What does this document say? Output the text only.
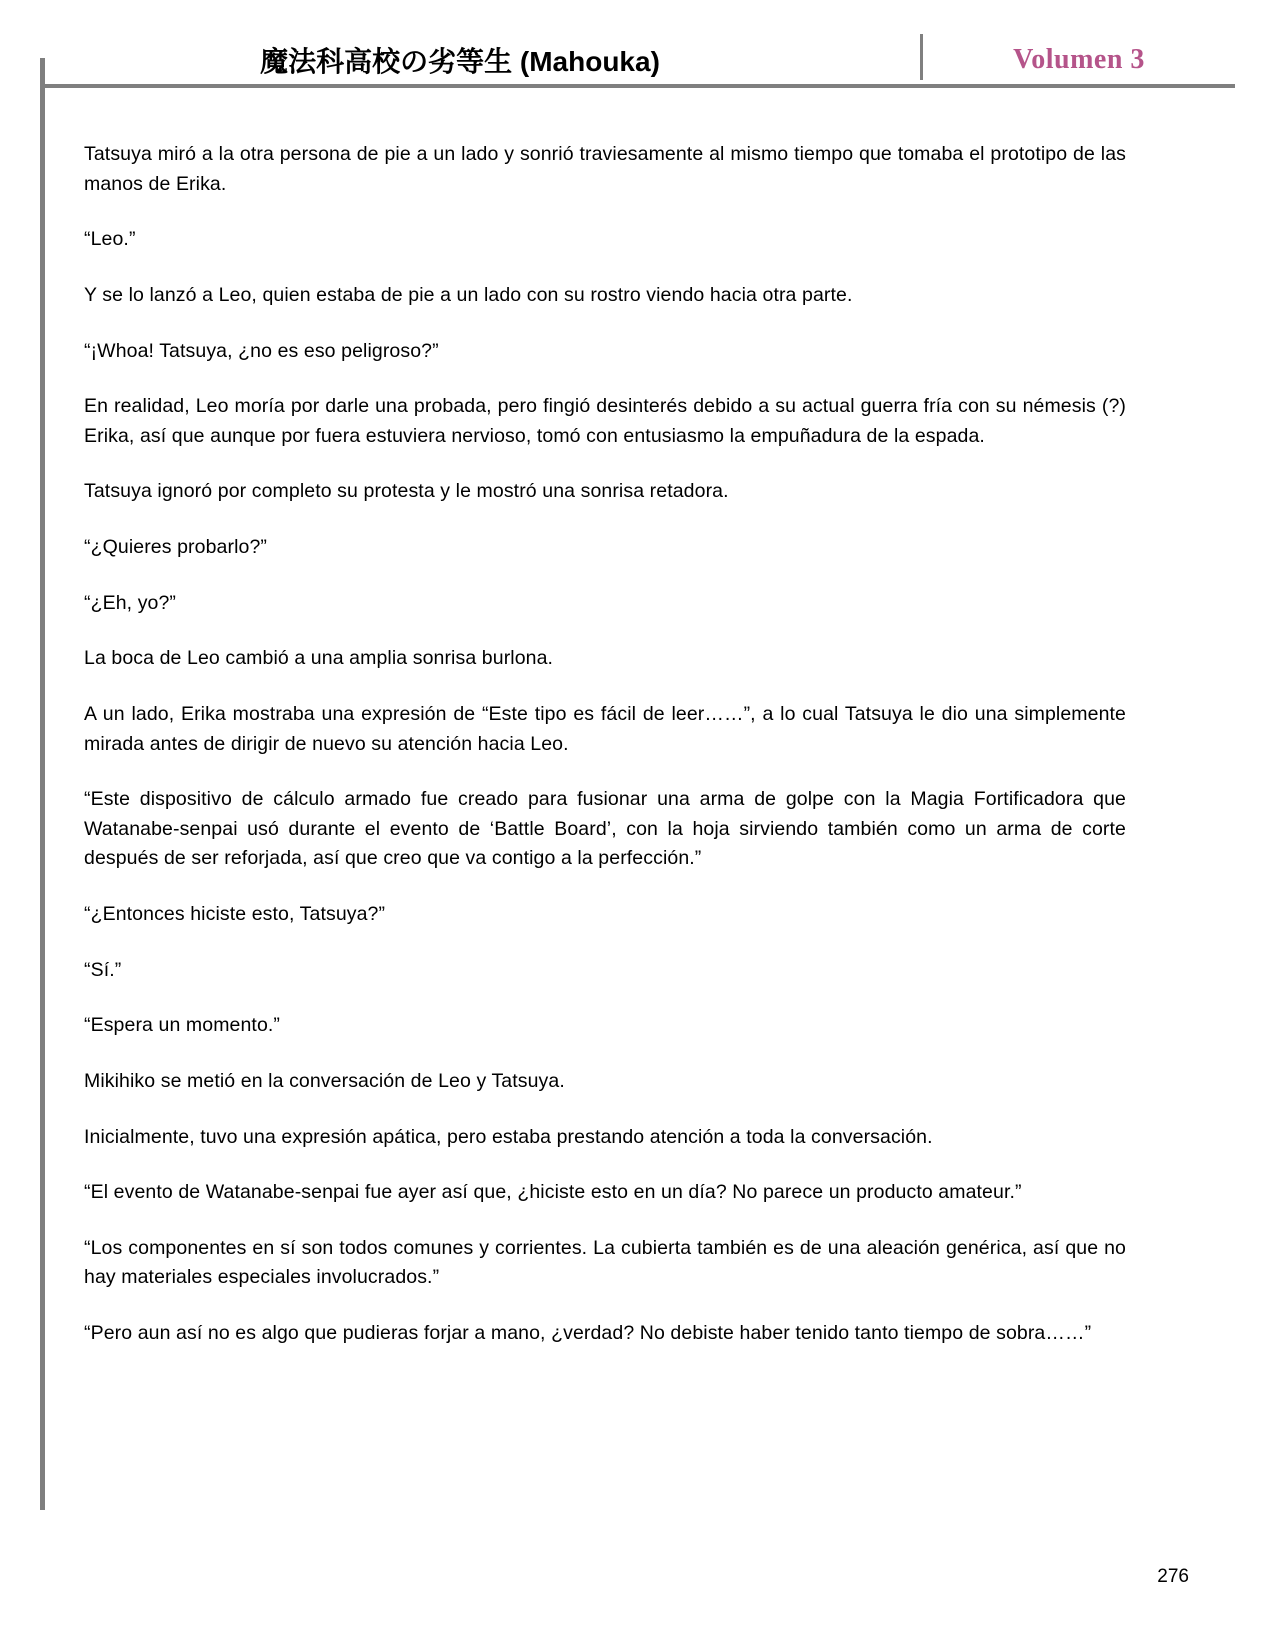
魔法科高校の劣等生 (Mahouka)	Volumen 3

Tatsuya miró a la otra persona de pie a un lado y sonrió traviesamente al mismo tiempo que tomaba el prototipo de las manos de Erika.

“Leo.”

Y se lo lanzó a Leo, quien estaba de pie a un lado con su rostro viendo hacia otra parte.

“¡Whoa! Tatsuya, ¿no es eso peligroso?”

En realidad, Leo moría por darle una probada, pero fingió desinterés debido a su actual guerra fría con su némesis (?) Erika, así que aunque por fuera estuviera nervioso, tomó con entusiasmo la empuñadura de la espada.

Tatsuya ignoró por completo su protesta y le mostró una sonrisa retadora.

“¿Quieres probarlo?”

“¿Eh, yo?”

La boca de Leo cambió a una amplia sonrisa burlona.

A un lado, Erika mostraba una expresión de “Este tipo es fácil de leer……”, a lo cual Tatsuya le dio una simplemente mirada antes de dirigir de nuevo su atención hacia Leo.

“Este dispositivo de cálculo armado fue creado para fusionar una arma de golpe con la Magia Fortificadora que Watanabe-senpai usó durante el evento de ‘Battle Board’, con la hoja sirviendo también como un arma de corte después de ser reforjada, así que creo que va contigo a la perfección.”

“¿Entonces hiciste esto, Tatsuya?”

“Sí.”

“Espera un momento.”

Mikihiko se metió en la conversación de Leo y Tatsuya.

Inicialmente, tuvo una expresión apática, pero estaba prestando atención a toda la conversación.

“El evento de Watanabe-senpai fue ayer así que, ¿hiciste esto en un día? No parece un producto amateur.”

“Los componentes en sí son todos comunes y corrientes. La cubierta también es de una aleación genérica, así que no hay materiales especiales involucrados.”

“Pero aun así no es algo que pudieras forjar a mano, ¿verdad? No debiste haber tenido tanto tiempo de sobra……”

276
